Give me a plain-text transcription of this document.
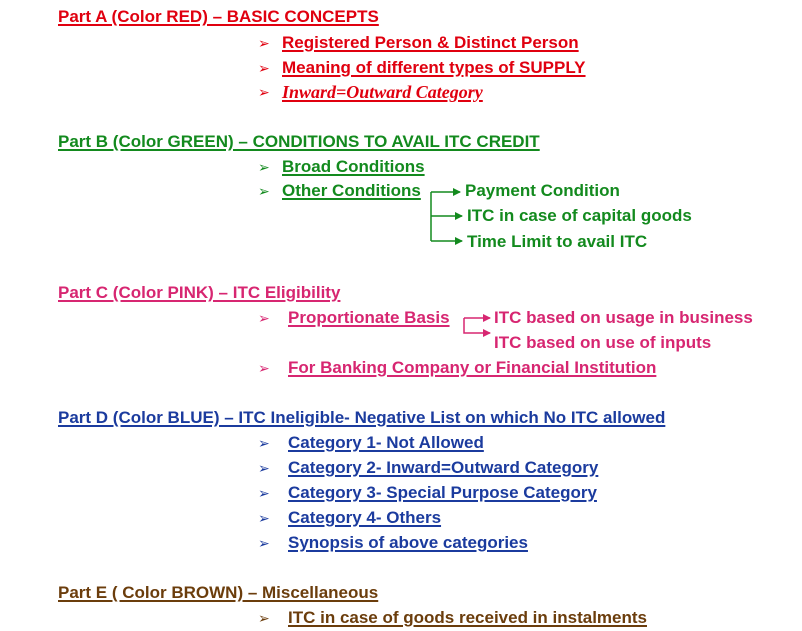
Part A (Color RED) – BASIC CONCEPTS
➢ Registered Person & Distinct Person
➢ Meaning of different types of SUPPLY
➢ Inward=Outward Category
Part B (Color GREEN) – CONDITIONS TO AVAIL ITC CREDIT
➢ Broad Conditions
➢ Other Conditions	Payment Condition
ITC in case of capital goods
Time Limit to avail ITC
Part C (Color PINK) – ITC Eligibility
➢ Proportionate Basis	ITC based on usage in business
ITC based on use of inputs
➢ For Banking Company or Financial Institution
Part D (Color BLUE) – ITC Ineligible- Negative List on which No ITC allowed
➢ Category 1- Not Allowed
➢ Category 2- Inward=Outward Category
➢ Category 3- Special Purpose Category
➢ Category 4- Others
➢ Synopsis of above categories
Part E ( Color BROWN) – Miscellaneous
➢ ITC in case of goods received in instalments
